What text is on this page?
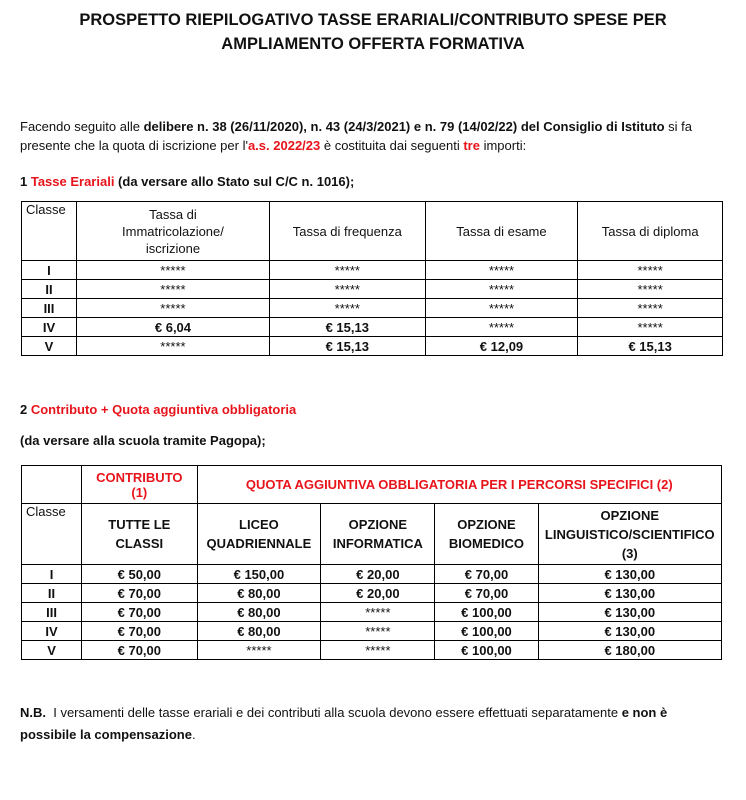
PROSPETTO RIEPILOGATIVO TASSE ERARIALI/CONTRIBUTO SPESE PER
AMPLIAMENTO OFFERTA FORMATIVA
Facendo seguito alle delibere n. 38 (26/11/2020), n. 43 (24/3/2021) e n. 79 (14/02/22) del Consiglio di Istituto si fa presente che la quota di iscrizione per l'a.s. 2022/23 è costituita dai seguenti tre importi:
1 Tasse Erariali (da versare allo Stato sul C/C n. 1016);
Classe	Tassa di Immatricolazione/ iscrizione	Tassa di frequenza	Tassa di esame	Tassa di diploma
I	*****	*****	*****	*****
II	*****	*****	*****	*****
III	*****	*****	*****	*****
IV	€ 6,04	€ 15,13	*****	*****
V	*****	€ 15,13	€ 12,09	€ 15,13
2 Contributo + Quota aggiuntiva obbligatoria
(da versare alla scuola tramite Pagopa);
	CONTRIBUTO (1)	QUOTA AGGIUNTIVA OBBLIGATORIA PER I PERCORSI SPECIFICI (2)			
Classe	TUTTE LE CLASSI	LICEO QUADRIENNALE	OPZIONE INFORMATICA	OPZIONE BIOMEDICO	OPZIONE LINGUISTICO/SCIENTIFICO (3)
I	€ 50,00	€ 150,00	€ 20,00	€ 70,00	€ 130,00
II	€ 70,00	€ 80,00	€ 20,00	€ 70,00	€ 130,00
III	€ 70,00	€ 80,00	*****	€ 100,00	€ 130,00
IV	€ 70,00	€ 80,00	*****	€ 100,00	€ 130,00
V	€ 70,00	*****	*****	€ 100,00	€ 180,00
N.B.  I versamenti delle tasse erariali e dei contributi alla scuola devono essere effettuati separatamente e non è possibile la compensazione.
